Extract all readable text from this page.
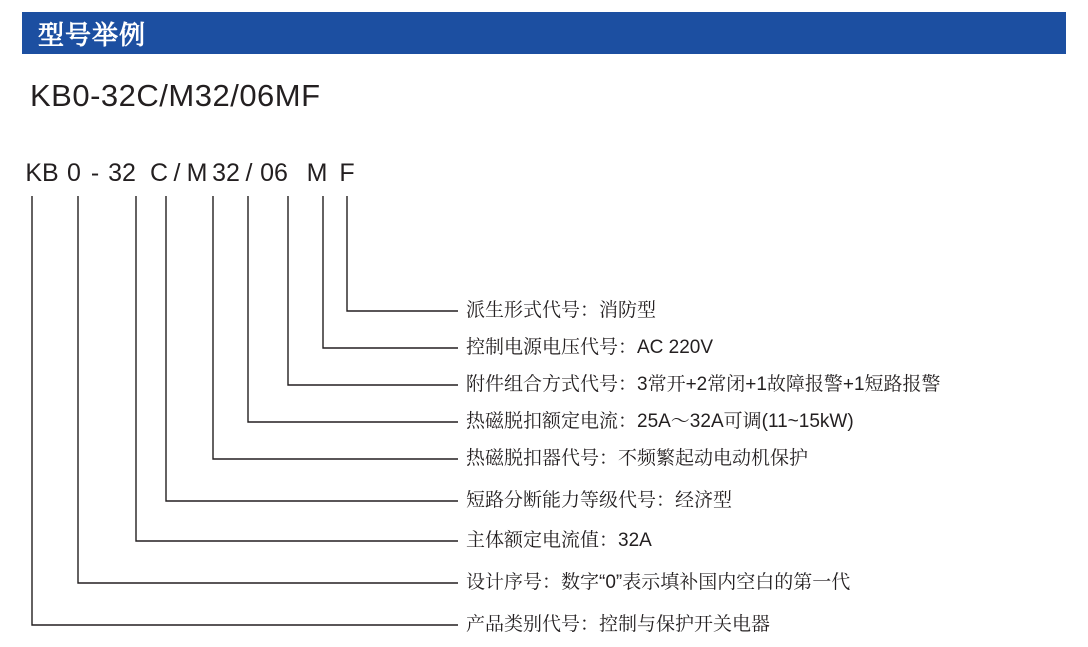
型号举例
KB0-32C/M32/06MF
KB 0 - 32 C / M 32 / 06 M F
派生形式代号：消防型
控制电源电压代号：AC 220V
附件组合方式代号：3常开+2常闭+1故障报警+1短路报警
热磁脱扣额定电流：25A～32A可调(11~15kW)
热磁脱扣器代号：不频繁起动电动机保护
短路分断能力等级代号：经济型
主体额定电流值：32A
设计序号：数字“0”表示填补国内空白的第一代
产品类别代号：控制与保护开关电器
